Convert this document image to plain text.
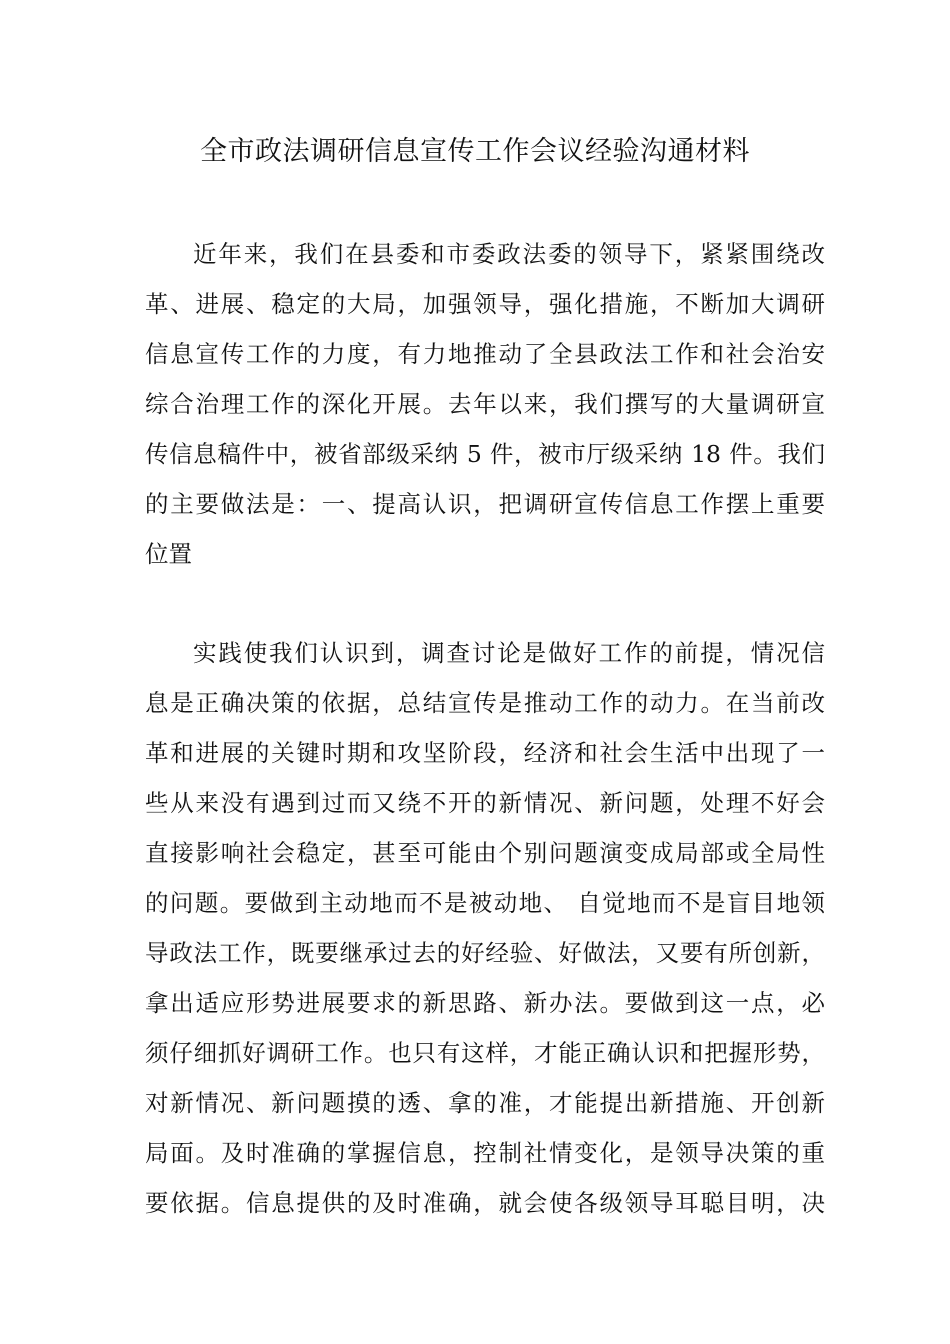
全市政法调研信息宣传工作会议经验沟通材料
近年来，我们在县委和市委政法委的领导下，紧紧围绕改
革、进展、稳定的大局，加强领导，强化措施，不断加大调研
信息宣传工作的力度，有力地推动了全县政法工作和社会治安
综合治理工作的深化开展。去年以来，我们撰写的大量调研宣
传信息稿件中，被省部级采纳 5 件，被市厅级采纳 18 件。我们
的主要做法是：一、提高认识，把调研宣传信息工作摆上重要
位置
实践使我们认识到，调查讨论是做好工作的前提，情况信
息是正确决策的依据，总结宣传是推动工作的动力。在当前改
革和进展的关键时期和攻坚阶段，经济和社会生活中出现了一
些从来没有遇到过而又绕不开的新情况、新问题，处理不好会
直接影响社会稳定，甚至可能由个别问题演变成局部或全局性
的问题。要做到主动地而不是被动地、 自觉地而不是盲目地领
导政法工作，既要继承过去的好经验、好做法，又要有所创新，
拿出适应形势进展要求的新思路、新办法。要做到这一点，必
须仔细抓好调研工作。也只有这样，才能正确认识和把握形势，
对新情况、新问题摸的透、拿的准，才能提出新措施、开创新
局面。及时准确的掌握信息，控制社情变化，是领导决策的重
要依据。信息提供的及时准确，就会使各级领导耳聪目明，决
